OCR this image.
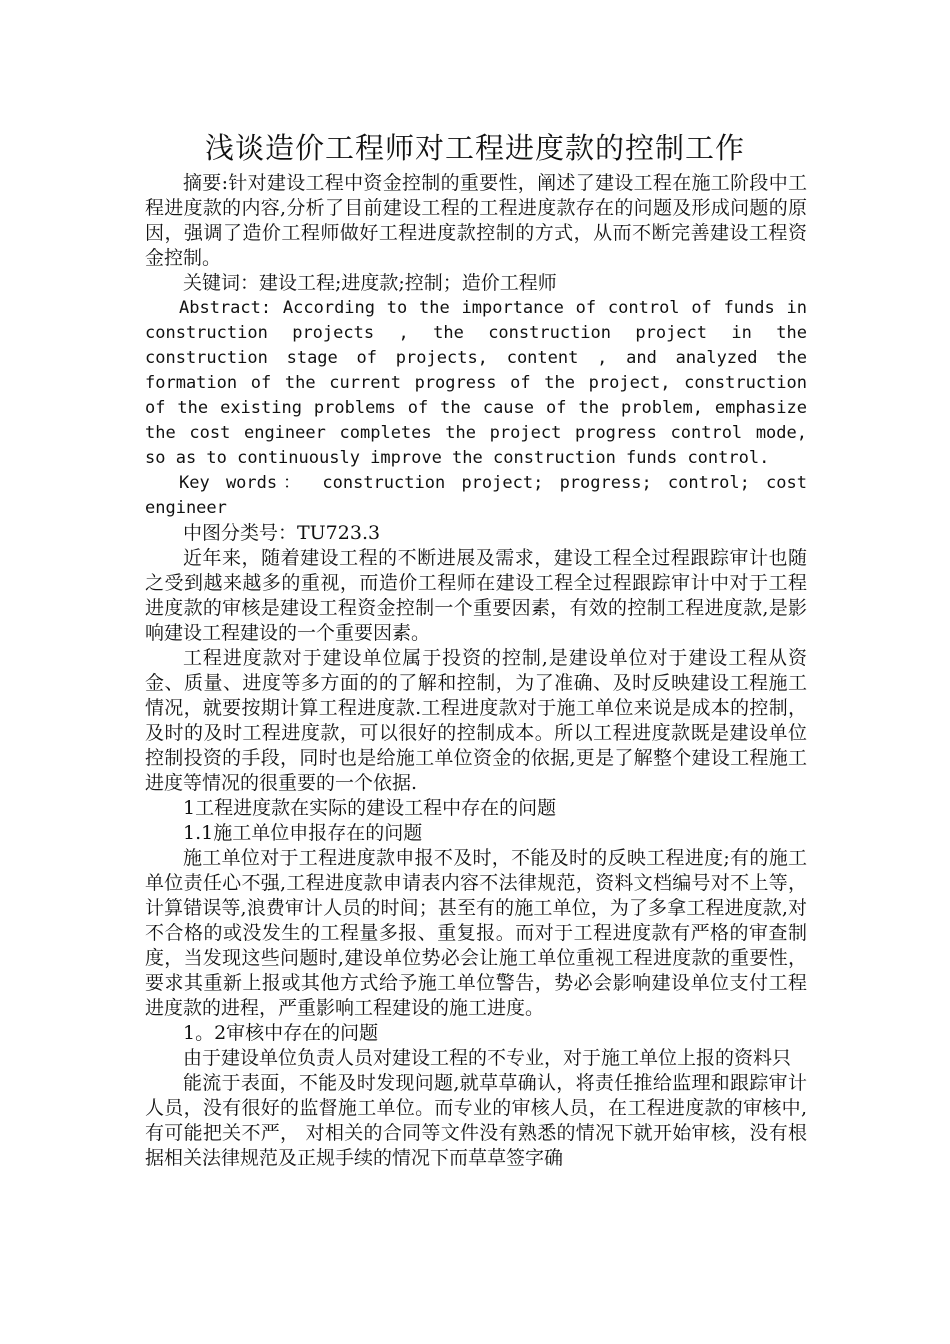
浅谈造价工程师对工程进度款的控制工作

摘要:针对建设工程中资金控制的重要性，阐述了建设工程在施工阶段中工程进度款的内容,分析了目前建设工程的工程进度款存在的问题及形成问题的原因，强调了造价工程师做好工程进度款控制的方式，从而不断完善建设工程资金控制。

关键词：建设工程;进度款;控制；造价工程师

Abstract: According to the importance of control of funds in construction projects , the construction project in the construction stage of projects, content , and analyzed the formation of the current progress of the project, construction of the existing problems of the cause of the problem, emphasize the cost engineer completes the project progress control mode, so as to continuously improve the construction funds control.

Key words： construction project; progress; control; cost engineer

中图分类号：TU723.3

近年来，随着建设工程的不断进展及需求，建设工程全过程跟踪审计也随之受到越来越多的重视，而造价工程师在建设工程全过程跟踪审计中对于工程进度款的审核是建设工程资金控制一个重要因素，有效的控制工程进度款,是影响建设工程建设的一个重要因素。

工程进度款对于建设单位属于投资的控制,是建设单位对于建设工程从资金、质量、进度等多方面的的了解和控制，为了准确、及时反映建设工程施工情况，就要按期计算工程进度款.工程进度款对于施工单位来说是成本的控制，及时的及时工程进度款，可以很好的控制成本。所以工程进度款既是建设单位控制投资的手段，同时也是给施工单位资金的依据,更是了解整个建设工程施工进度等情况的很重要的一个依据.

1工程进度款在实际的建设工程中存在的问题

1.1施工单位申报存在的问题

施工单位对于工程进度款申报不及时，不能及时的反映工程进度;有的施工单位责任心不强,工程进度款申请表内容不法律规范，资料文档编号对不上等，计算错误等,浪费审计人员的时间；甚至有的施工单位，为了多拿工程进度款,对不合格的或没发生的工程量多报、重复报。而对于工程进度款有严格的审查制度，当发现这些问题时,建设单位势必会让施工单位重视工程进度款的重要性，要求其重新上报或其他方式给予施工单位警告，势必会影响建设单位支付工程进度款的进程，严重影响工程建设的施工进度。

1。2审核中存在的问题

由于建设单位负责人员对建设工程的不专业，对于施工单位上报的资料只

能流于表面，不能及时发现问题,就草草确认，将责任推给监理和跟踪审计人员，没有很好的监督施工单位。而专业的审核人员，在工程进度款的审核中,有可能把关不严， 对相关的合同等文件没有熟悉的情况下就开始审核，没有根据相关法律规范及正规手续的情况下而草草签字确
